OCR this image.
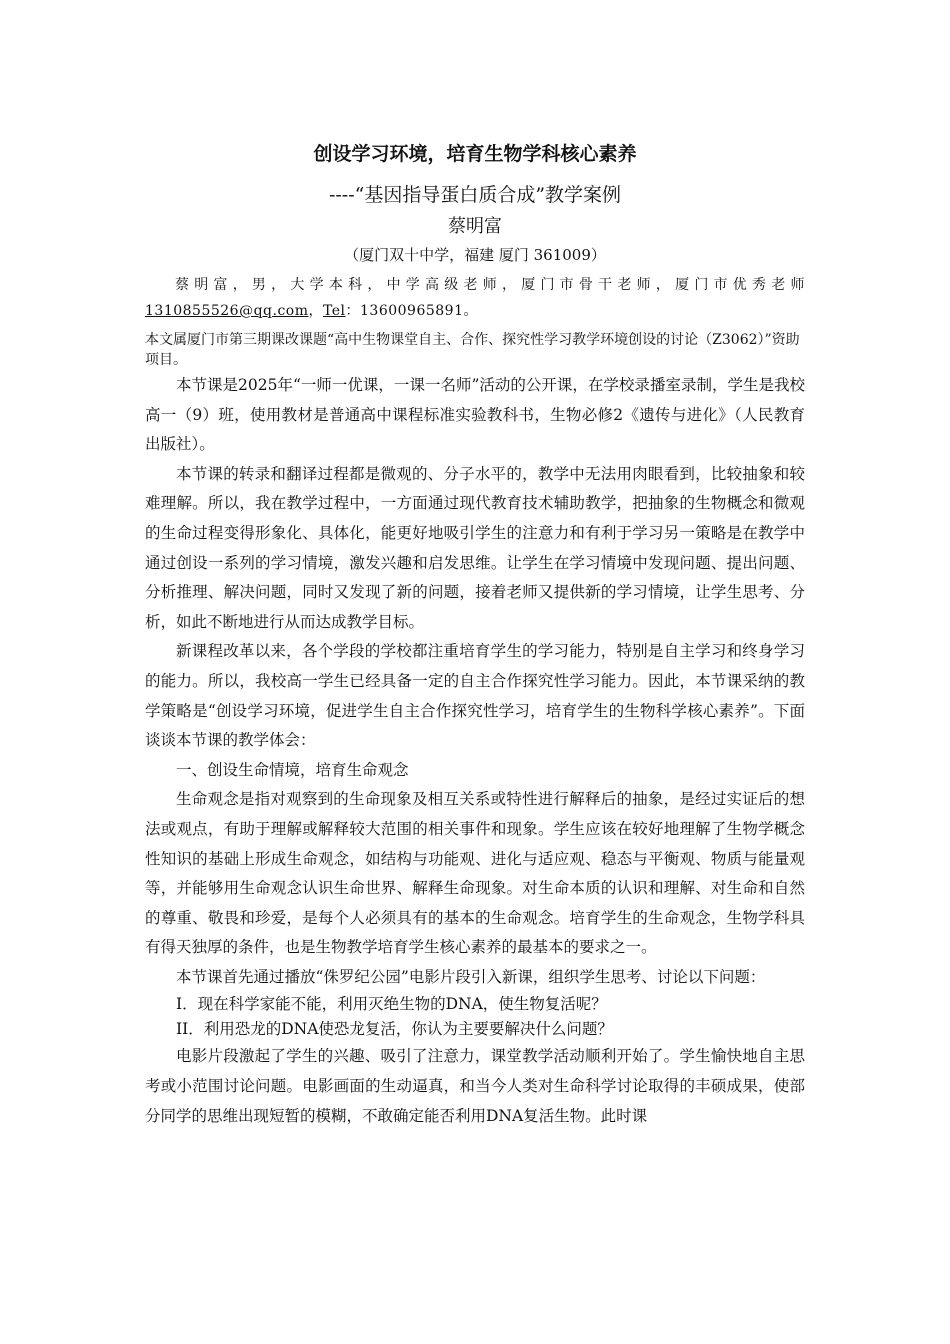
创设学习环境，培育生物学科核心素养
----“基因指导蛋白质合成”教学案例
蔡明富
（厦门双十中学，福建 厦门 361009）
蔡明富，男，大学本科，中学高级老师，厦门市骨干老师，厦门市优秀老师
1310855526@qq.com，Tel：13600965891。
本文属厦门市第三期课改课题“高中生物课堂自主、合作、探究性学习教学环境创设的讨论（Z3062）”资助项目。

本节课是2025年“一师一优课，一课一名师”活动的公开课，在学校录播室录制，学生是我校高一（9）班，使用教材是普通高中课程标准实验教科书，生物必修2《遗传与进化》（人民教育出版社）。

本节课的转录和翻译过程都是微观的、分子水平的，教学中无法用肉眼看到，比较抽象和较难理解。所以，我在教学过程中，一方面通过现代教育技术辅助教学，把抽象的生物概念和微观的生命过程变得形象化、具体化，能更好地吸引学生的注意力和有利于学习另一策略是在教学中通过创设一系列的学习情境，激发兴趣和启发思维。让学生在学习情境中发现问题、提出问题、分析推理、解决问题，同时又发现了新的问题，接着老师又提供新的学习情境，让学生思考、分析，如此不断地进行从而达成教学目标。

新课程改革以来，各个学段的学校都注重培育学生的学习能力，特别是自主学习和终身学习的能力。所以，我校高一学生已经具备一定的自主合作探究性学习能力。因此，本节课采纳的教学策略是“创设学习环境，促进学生自主合作探究性学习，培育学生的生物科学核心素养”。下面谈谈本节课的教学体会：

一、创设生命情境，培育生命观念

生命观念是指对观察到的生命现象及相互关系或特性进行解释后的抽象，是经过实证后的想法或观点，有助于理解或解释较大范围的相关事件和现象。学生应该在较好地理解了生物学概念性知识的基础上形成生命观念，如结构与功能观、进化与适应观、稳态与平衡观、物质与能量观等，并能够用生命观念认识生命世界、解释生命现象。对生命本质的认识和理解、对生命和自然的尊重、敬畏和珍爱，是每个人必须具有的基本的生命观念。培育学生的生命观念，生物学科具有得天独厚的条件，也是生物教学培育学生核心素养的最基本的要求之一。

本节课首先通过播放“侏罗纪公园”电影片段引入新课，组织学生思考、讨论以下问题：

I．现在科学家能不能，利用灭绝生物的DNA，使生物复活呢？

II．利用恐龙的DNA使恐龙复活，你认为主要要解决什么问题？

电影片段激起了学生的兴趣、吸引了注意力，课堂教学活动顺利开始了。学生愉快地自主思考或小范围讨论问题。电影画面的生动逼真，和当今人类对生命科学讨论取得的丰硕成果，使部分同学的思维出现短暂的模糊，不敢确定能否利用DNA复活生物。此时课
